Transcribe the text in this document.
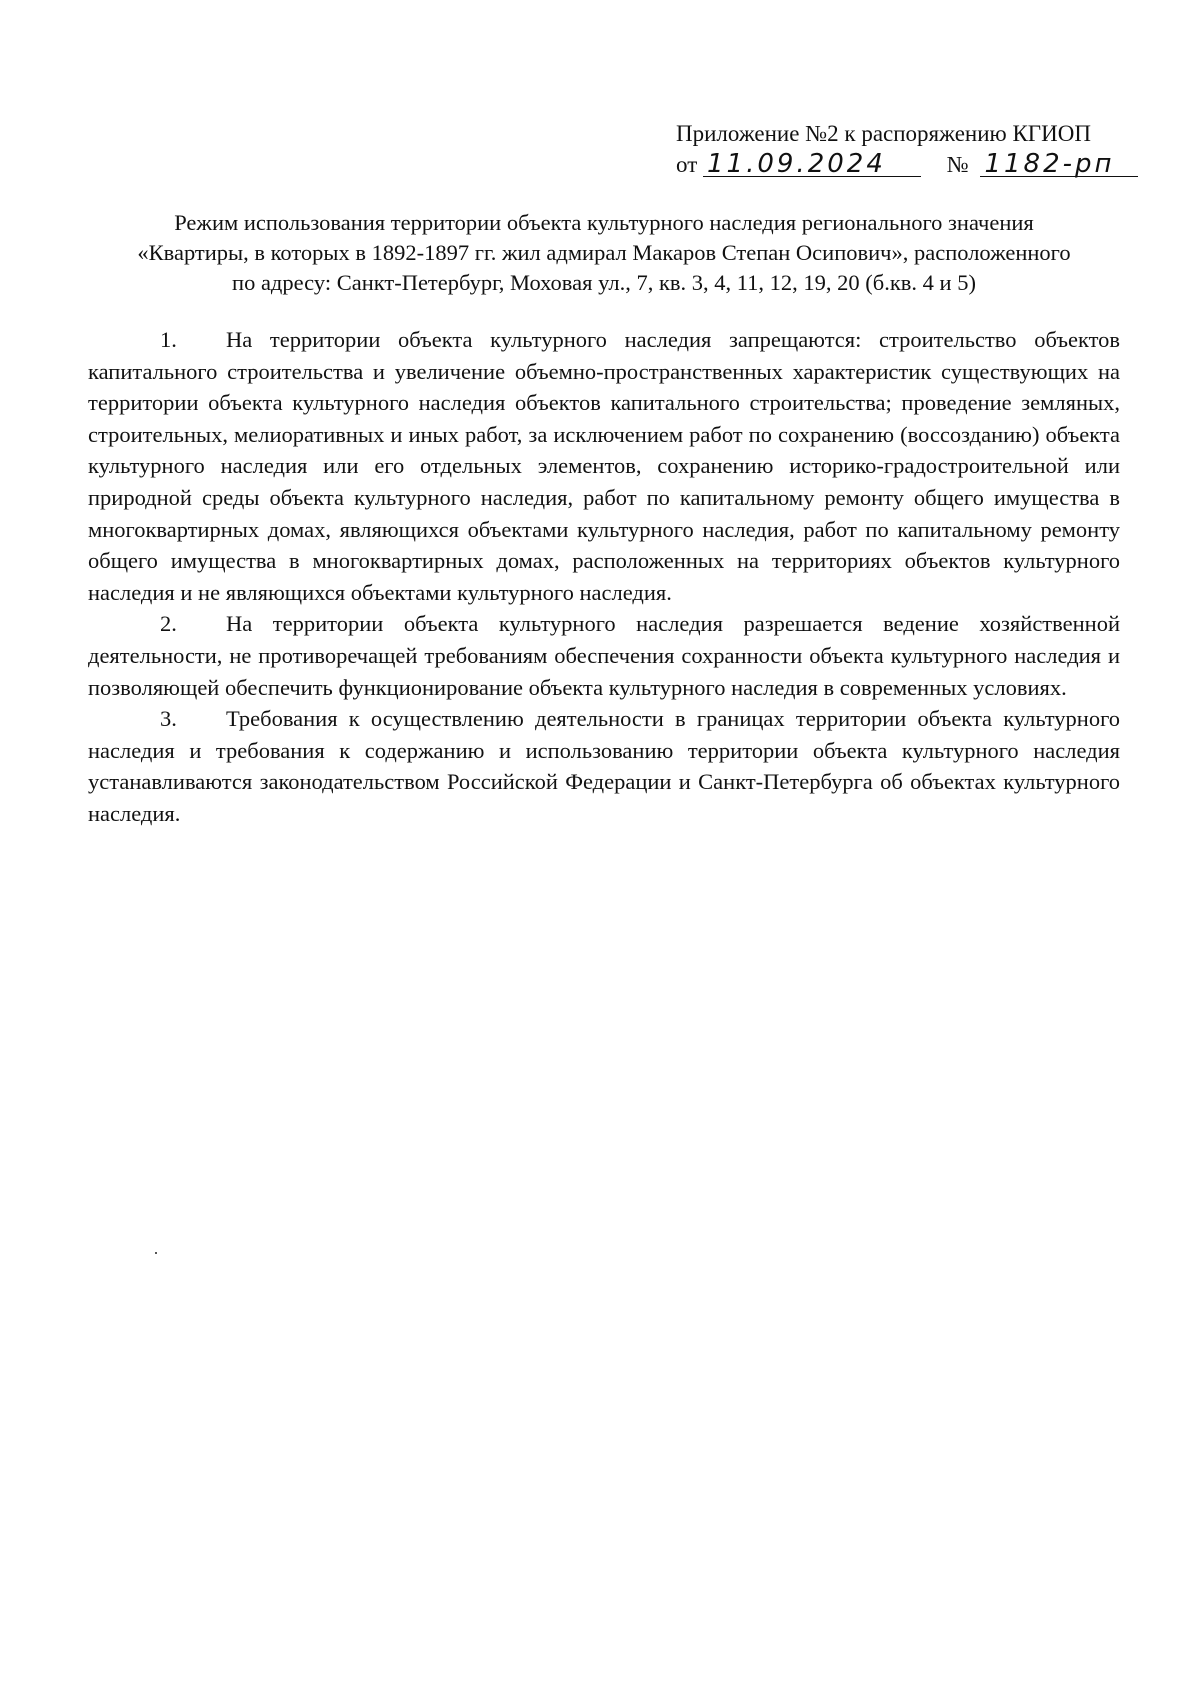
Приложение №2 к распоряжению КГИОП
от 11.09.2024	№ 1182-рп
Режим использования территории объекта культурного наследия регионального значения
«Квартиры, в которых в 1892-1897 гг. жил адмирал Макаров Степан Осипович», расположенного
по адресу: Санкт-Петербург, Моховая ул., 7, кв. 3, 4, 11, 12, 19, 20 (б.кв. 4 и 5)

1. На территории объекта культурного наследия запрещаются: строительство объектов капитального строительства и увеличение объемно-пространственных характеристик существующих на территории объекта культурного наследия объектов капитального строительства; проведение земляных, строительных, мелиоративных и иных работ, за исключением работ по сохранению (воссозданию) объекта культурного наследия или его отдельных элементов, сохранению историко-градостроительной или природной среды объекта культурного наследия, работ по капитальному ремонту общего имущества в многоквартирных домах, являющихся объектами культурного наследия, работ по капитальному ремонту общего имущества в многоквартирных домах, расположенных на территориях объектов культурного наследия и не являющихся объектами культурного наследия.

2. На территории объекта культурного наследия разрешается ведение хозяйственной деятельности, не противоречащей требованиям обеспечения сохранности объекта культурного наследия и позволяющей обеспечить функционирование объекта культурного наследия в современных условиях.

3. Требования к осуществлению деятельности в границах территории объекта культурного наследия и требования к содержанию и использованию территории объекта культурного наследия устанавливаются законодательством Российской Федерации и Санкт-Петербурга об объектах культурного наследия.
